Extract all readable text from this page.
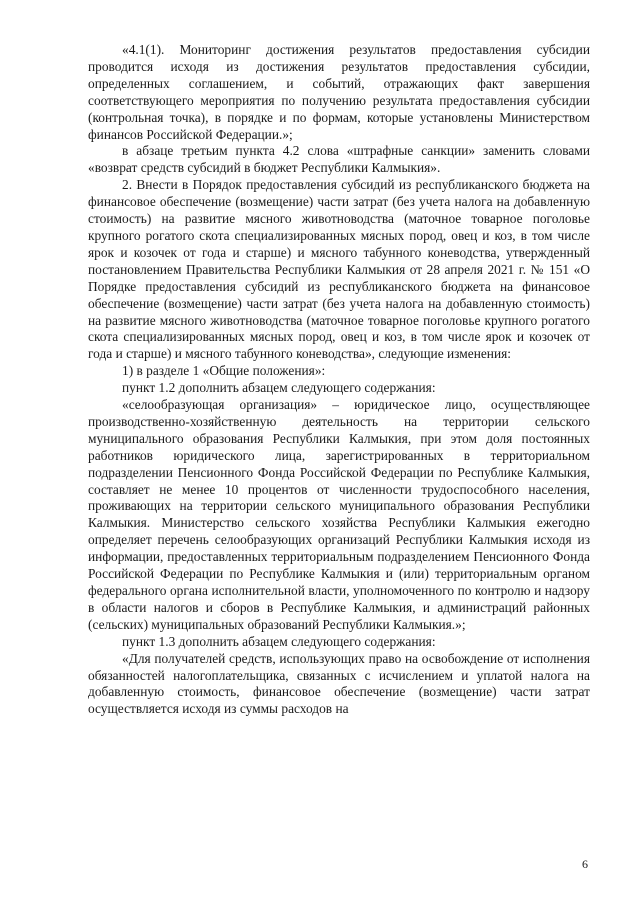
«4.1(1). Мониторинг достижения результатов предоставления субсидии проводится исходя из достижения результатов предоставления субсидии, определенных соглашением, и событий, отражающих факт завершения соответствующего мероприятия по получению результата предоставления субсидии (контрольная точка), в порядке и по формам, которые установлены Министерством финансов Российской Федерации.»;

в абзаце третьим пункта 4.2 слова «штрафные санкции» заменить словами «возврат средств субсидий в бюджет Республики Калмыкия».

2. Внести в Порядок предоставления субсидий из республиканского бюджета на финансовое обеспечение (возмещение) части затрат (без учета налога на добавленную стоимость) на развитие мясного животноводства (маточное товарное поголовье крупного рогатого скота специализированных мясных пород, овец и коз, в том числе ярок и козочек от года и старше) и мясного табунного коневодства, утвержденный постановлением Правительства Республики Калмыкия от 28 апреля 2021 г. № 151 «О Порядке предоставления субсидий из республиканского бюджета на финансовое обеспечение (возмещение) части затрат (без учета налога на добавленную стоимость) на развитие мясного животноводства (маточное товарное поголовье крупного рогатого скота специализированных мясных пород, овец и коз, в том числе ярок и козочек от года и старше) и мясного табунного коневодства», следующие изменения:

1) в разделе 1 «Общие положения»:

пункт 1.2 дополнить абзацем следующего содержания:

«селообразующая организация» – юридическое лицо, осуществляющее производственно-хозяйственную деятельность на территории сельского муниципального образования Республики Калмыкия, при этом доля постоянных работников юридического лица, зарегистрированных в территориальном подразделении Пенсионного Фонда Российской Федерации по Республике Калмыкия, составляет не менее 10 процентов от численности трудоспособного населения, проживающих на территории сельского муниципального образования Республики Калмыкия. Министерство сельского хозяйства Республики Калмыкия ежегодно определяет перечень селообразующих организаций Республики Калмыкия исходя из информации, предоставленных территориальным подразделением Пенсионного Фонда Российской Федерации по Республике Калмыкия и (или) территориальным органом федерального органа исполнительной власти, уполномоченного по контролю и надзору в области налогов и сборов в Республике Калмыкия, и администраций районных (сельских) муниципальных образований Республики Калмыкия.»;

пункт 1.3 дополнить абзацем следующего содержания:

«Для получателей средств, использующих право на освобождение от исполнения обязанностей налогоплательщика, связанных с исчислением и уплатой налога на добавленную стоимость, финансовое обеспечение (возмещение) части затрат осуществляется исходя из суммы расходов на

6
